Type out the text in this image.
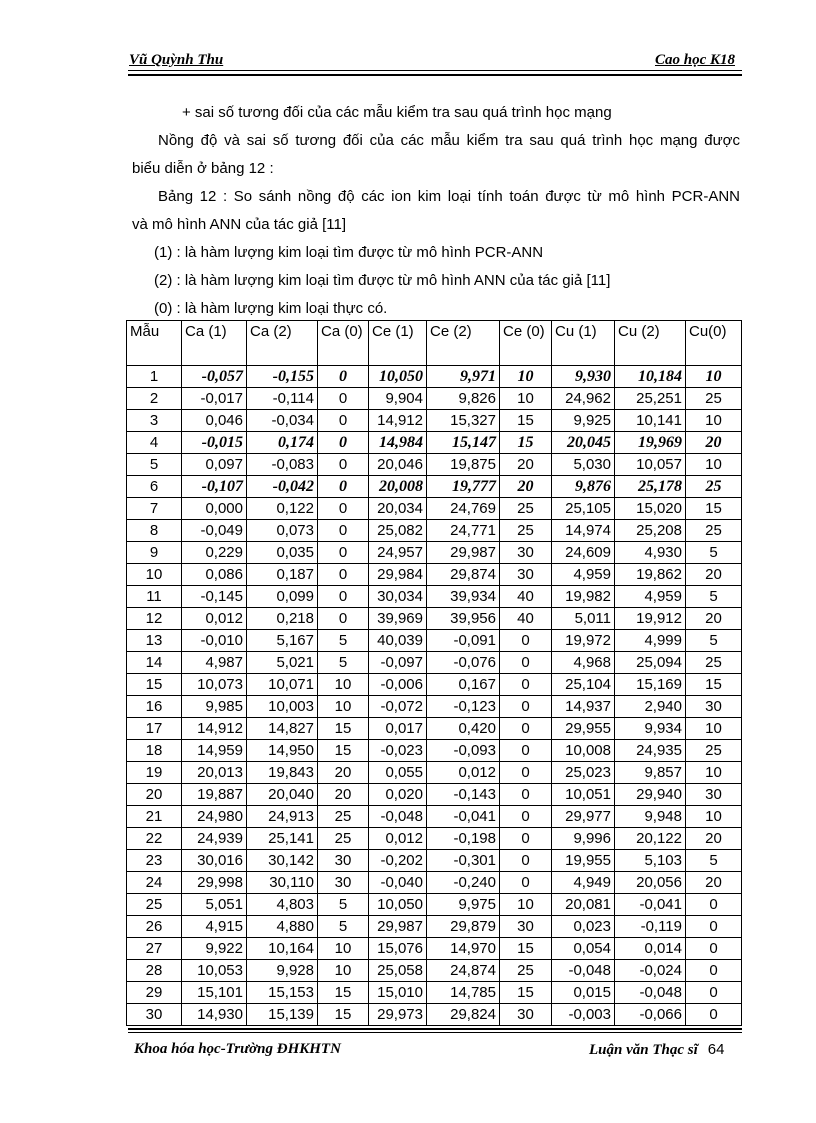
Vũ Quỳnh Thu	Cao học K18
+ sai số tương đối của các mẫu kiểm tra sau quá trình học mạng
Nồng độ và sai số tương đối của các mẫu kiểm tra sau quá trình học mạng được
biểu diễn ở bảng 12 :
Bảng 12 : So sánh nồng độ các ion kim loại tính toán được từ mô hình PCR-ANN
và mô hình ANN của tác giả [11]
(1) : là hàm lượng kim loại tìm được từ mô hình PCR-ANN
(2) : là hàm lượng kim loại tìm được từ mô hình ANN của tác giả [11]
(0) : là hàm lượng kim loại thực có.
Mẫu	Ca (1)	Ca (2)	Ca (0)	Ce (1)	Ce (2)	Ce (0)	Cu (1)	Cu (2)	Cu(0)
1	-0,057	-0,155	0	10,050	9,971	10	9,930	10,184	10
2	-0,017	-0,114	0	9,904	9,826	10	24,962	25,251	25
3	0,046	-0,034	0	14,912	15,327	15	9,925	10,141	10
4	-0,015	0,174	0	14,984	15,147	15	20,045	19,969	20
5	0,097	-0,083	0	20,046	19,875	20	5,030	10,057	10
6	-0,107	-0,042	0	20,008	19,777	20	9,876	25,178	25
7	0,000	0,122	0	20,034	24,769	25	25,105	15,020	15
8	-0,049	0,073	0	25,082	24,771	25	14,974	25,208	25
9	0,229	0,035	0	24,957	29,987	30	24,609	4,930	5
10	0,086	0,187	0	29,984	29,874	30	4,959	19,862	20
11	-0,145	0,099	0	30,034	39,934	40	19,982	4,959	5
12	0,012	0,218	0	39,969	39,956	40	5,011	19,912	20
13	-0,010	5,167	5	40,039	-0,091	0	19,972	4,999	5
14	4,987	5,021	5	-0,097	-0,076	0	4,968	25,094	25
15	10,073	10,071	10	-0,006	0,167	0	25,104	15,169	15
16	9,985	10,003	10	-0,072	-0,123	0	14,937	2,940	30
17	14,912	14,827	15	0,017	0,420	0	29,955	9,934	10
18	14,959	14,950	15	-0,023	-0,093	0	10,008	24,935	25
19	20,013	19,843	20	0,055	0,012	0	25,023	9,857	10
20	19,887	20,040	20	0,020	-0,143	0	10,051	29,940	30
21	24,980	24,913	25	-0,048	-0,041	0	29,977	9,948	10
22	24,939	25,141	25	0,012	-0,198	0	9,996	20,122	20
23	30,016	30,142	30	-0,202	-0,301	0	19,955	5,103	5
24	29,998	30,110	30	-0,040	-0,240	0	4,949	20,056	20
25	5,051	4,803	5	10,050	9,975	10	20,081	-0,041	0
26	4,915	4,880	5	29,987	29,879	30	0,023	-0,119	0
27	9,922	10,164	10	15,076	14,970	15	0,054	0,014	0
28	10,053	9,928	10	25,058	24,874	25	-0,048	-0,024	0
29	15,101	15,153	15	15,010	14,785	15	0,015	-0,048	0
30	14,930	15,139	15	29,973	29,824	30	-0,003	-0,066	0
Khoa hóa học-Trường ĐHKHTN	Luận văn Thạc sĩ 64
